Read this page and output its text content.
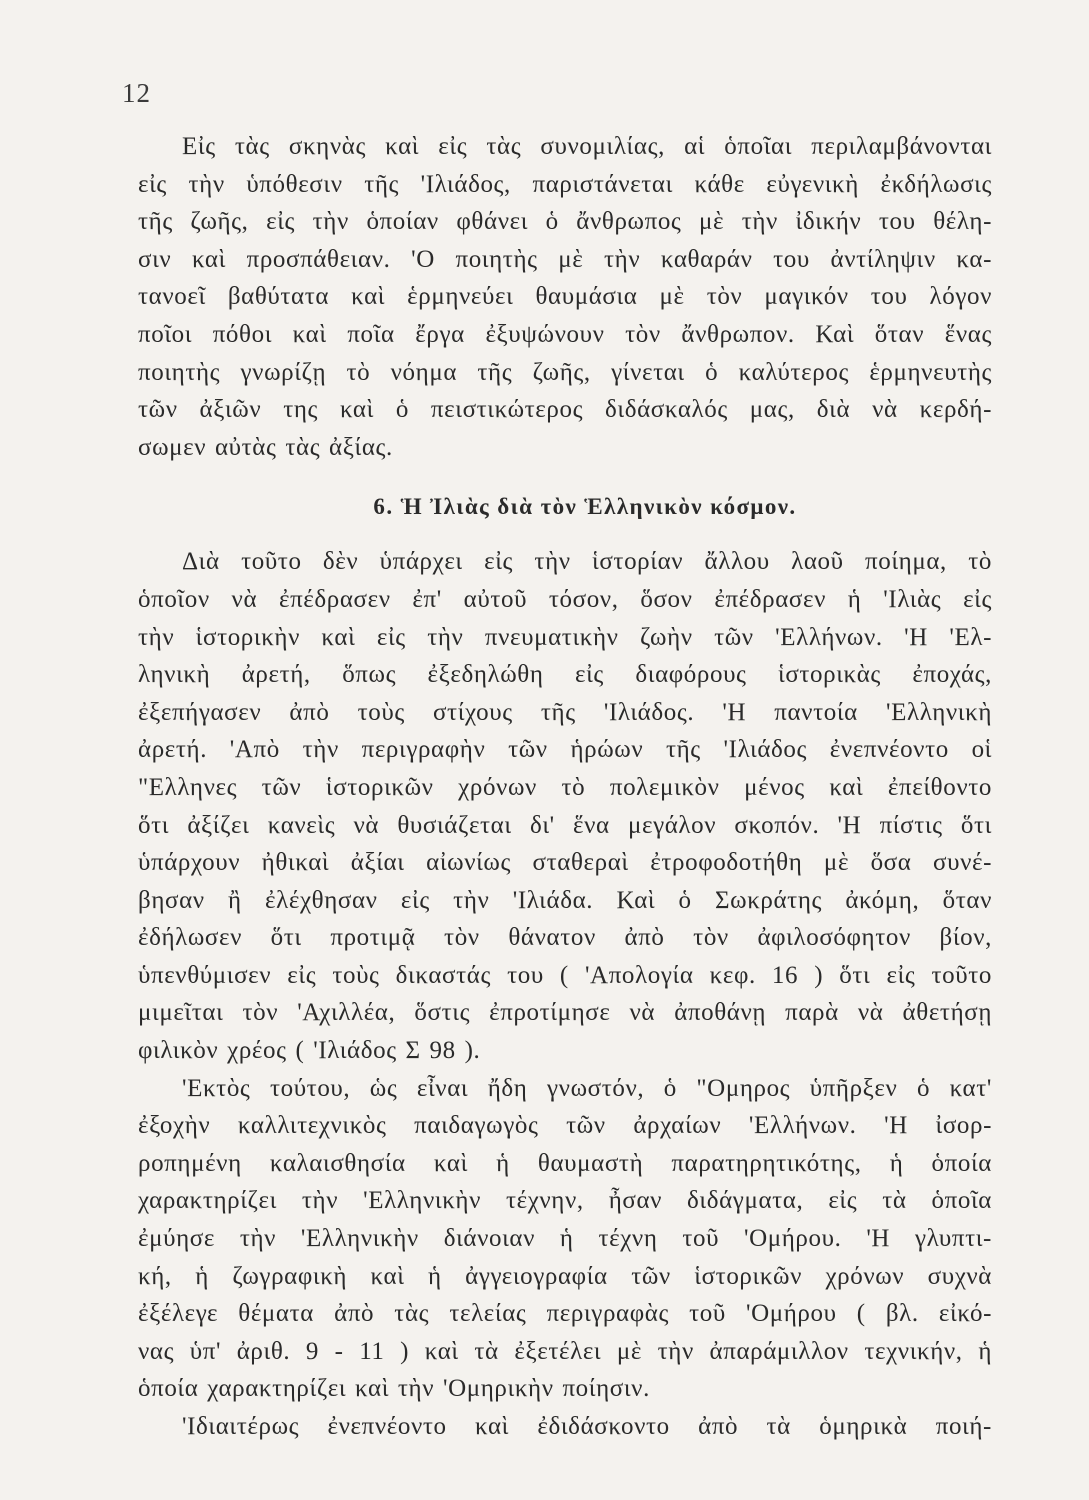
12

Εἰς τὰς σκηνὰς καὶ εἰς τὰς συνομιλίας, αἱ ὁποῖαι περιλαμβάνονται
εἰς τὴν ὑπόθεσιν τῆς 'Ιλιάδος, παριστάνεται κάθε εὐγενικὴ ἐκδήλωσις
τῆς ζωῆς, εἰς τὴν ὁποίαν φθάνει ὁ ἄνθρωπος μὲ τὴν ἰδικήν του θέλη-
σιν καὶ προσπάθειαν. 'Ο ποιητὴς μὲ τὴν καθαράν του ἀντίληψιν κα-
τανοεῖ βαθύτατα καὶ ἑρμηνεύει θαυμάσια μὲ τὸν μαγικόν του λόγον
ποῖοι πόθοι καὶ ποῖα ἔργα ἐξυψώνουν τὸν ἄνθρωπον. Καὶ ὅταν ἕνας
ποιητὴς γνωρίζῃ τὸ νόημα τῆς ζωῆς, γίνεται ὁ καλύτερος ἑρμηνευτὴς
τῶν ἀξιῶν της καὶ ὁ πειστικώτερος διδάσκαλός μας, διὰ νὰ κερδή-
σωμεν αὐτὰς τὰς ἀξίας.

6. Ἡ Ἰλιὰς διὰ τὸν Ἑλληνικὸν κόσμον.

Διὰ τοῦτο δὲν ὑπάρχει εἰς τὴν ἱστορίαν ἄλλου λαοῦ ποίημα, τὸ
ὁποῖον νὰ ἐπέδρασεν ἐπ' αὐτοῦ τόσον, ὅσον ἐπέδρασεν ἡ 'Ιλιὰς εἰς
τὴν ἱστορικὴν καὶ εἰς τὴν πνευματικὴν ζωὴν τῶν 'Ελλήνων. 'Η 'Ελ-
ληνικὴ ἀρετή, ὅπως ἐξεδηλώθη εἰς διαφόρους ἱστορικὰς ἐποχάς,
ἐξεπήγασεν ἀπὸ τοὺς στίχους τῆς 'Ιλιάδος. 'Η παντοία 'Ελληνικὴ
ἀρετή. 'Απὸ τὴν περιγραφὴν τῶν ἡρώων τῆς 'Ιλιάδος ἐνεπνέοντο οἱ
"Ελληνες τῶν ἱστορικῶν χρόνων τὸ πολεμικὸν μένος καὶ ἐπείθοντο
ὅτι ἀξίζει κανεὶς νὰ θυσιάζεται δι' ἕνα μεγάλον σκοπόν. 'Η πίστις ὅτι
ὑπάρχουν ἠθικαὶ ἀξίαι αἰωνίως σταθεραὶ ἐτροφοδοτήθη μὲ ὅσα συνέ-
βησαν ἢ ἐλέχθησαν εἰς τὴν 'Ιλιάδα. Καὶ ὁ Σωκράτης ἀκόμη, ὅταν
ἐδήλωσεν ὅτι προτιμᾷ τὸν θάνατον ἀπὸ τὸν ἀφιλοσόφητον βίον,
ὑπενθύμισεν εἰς τοὺς δικαστάς του ( 'Απολογία κεφ. 16 ) ὅτι εἰς τοῦτο
μιμεῖται τὸν 'Αχιλλέα, ὅστις ἐπροτίμησε νὰ ἀποθάνῃ παρὰ νὰ ἀθετήσῃ
φιλικὸν χρέος ( 'Ιλιάδος Σ 98 ).

'Εκτὸς τούτου, ὡς εἶναι ἤδη γνωστόν, ὁ "Ομηρος ὑπῆρξεν ὁ κατ'
ἐξοχὴν καλλιτεχνικὸς παιδαγωγὸς τῶν ἀρχαίων 'Ελλήνων. 'Η ἰσορ-
ροπημένη καλαισθησία καὶ ἡ θαυμαστὴ παρατηρητικότης, ἡ ὁποία
χαρακτηρίζει τὴν 'Ελληνικὴν τέχνην, ἦσαν διδάγματα, εἰς τὰ ὁποῖα
ἐμύησε τὴν 'Ελληνικὴν διάνοιαν ἡ τέχνη τοῦ 'Ομήρου. 'Η γλυπτι-
κή, ἡ ζωγραφικὴ καὶ ἡ ἀγγειογραφία τῶν ἱστορικῶν χρόνων συχνὰ
ἐξέλεγε θέματα ἀπὸ τὰς τελείας περιγραφὰς τοῦ 'Ομήρου ( βλ. εἰκό-
νας ὑπ' ἀριθ. 9 - 11 ) καὶ τὰ ἐξετέλει μὲ τὴν ἀπαράμιλλον τεχνικήν, ἡ
ὁποία χαρακτηρίζει καὶ τὴν 'Ομηρικὴν ποίησιν.

'Ιδιαιτέρως ἐνεπνέοντο καὶ ἐδιδάσκοντο ἀπὸ τὰ ὁμηρικὰ ποιή-
